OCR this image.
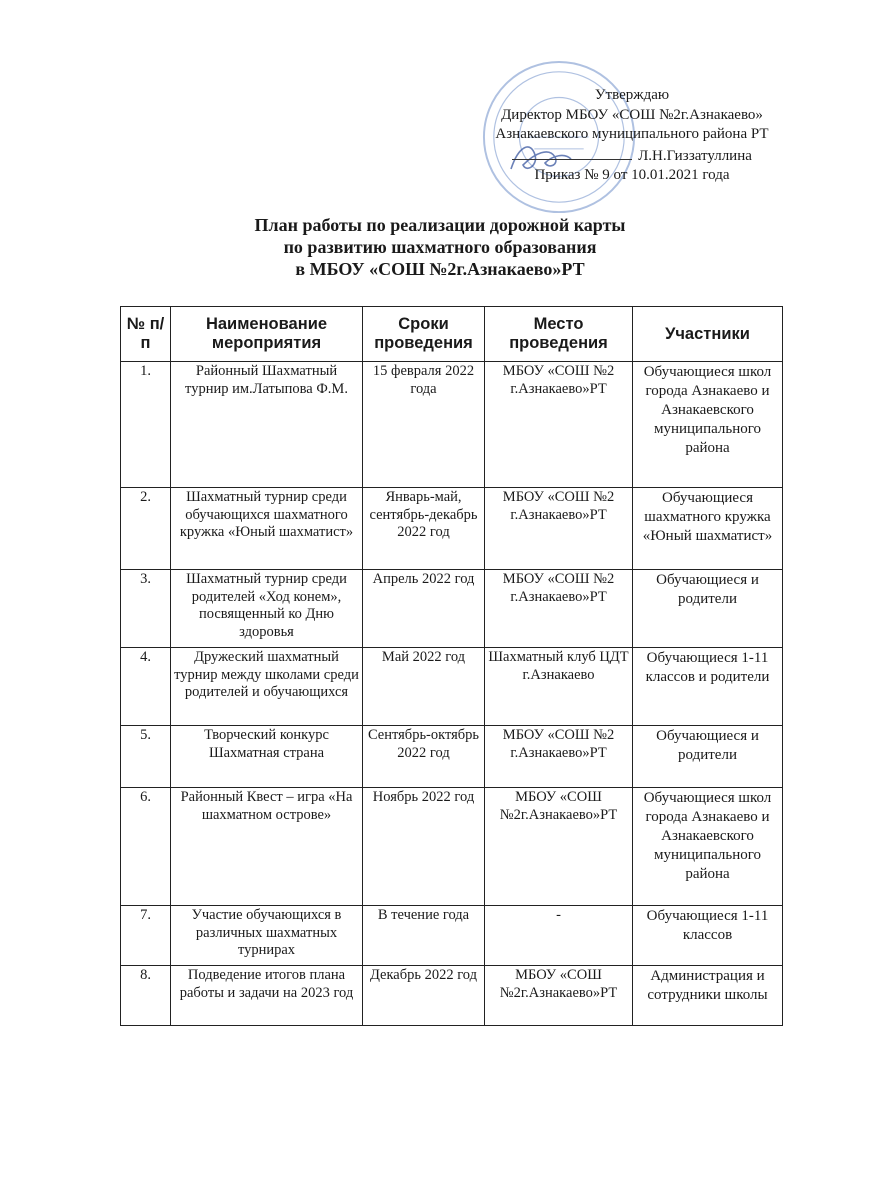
Утверждаю
Директор МБОУ «СОШ №2г.Азнакаево»
Азнакаевского муниципального района РТ
Л.Н.Гиззатуллина
Приказ № 9 от 10.01.2021 года
План работы по реализации дорожной карты
по развитию шахматного образования
в МБОУ «СОШ №2г.Азнакаево»РТ
№ п/п	Наименование мероприятия	Сроки проведения	Место проведения	Участники
1.	Районный Шахматный турнир им.Латыпова Ф.М.	15 февраля 2022 года	МБОУ «СОШ №2 г.Азнакаево»РТ	Обучающиеся школ города Азнакаево и Азнакаевского муниципального района
2.	Шахматный турнир среди обучающихся шахматного кружка «Юный шахматист»	Январь-май, сентябрь-декабрь 2022 год	МБОУ «СОШ №2 г.Азнакаево»РТ	Обучающиеся шахматного кружка «Юный шахматист»
3.	Шахматный турнир среди родителей «Ход конем», посвященный ко Дню здоровья	Апрель 2022 год	МБОУ «СОШ №2 г.Азнакаево»РТ	Обучающиеся и родители
4.	Дружеский шахматный турнир между школами среди родителей и обучающихся	Май 2022 год	Шахматный клуб ЦДТ г.Азнакаево	Обучающиеся 1-11 классов и родители
5.	Творческий конкурс Шахматная страна	Сентябрь-октябрь 2022 год	МБОУ «СОШ №2 г.Азнакаево»РТ	Обучающиеся и родители
6.	Районный Квест – игра «На шахматном острове»	Ноябрь 2022 год	МБОУ «СОШ №2г.Азнакаево»РТ	Обучающиеся школ города Азнакаево и Азнакаевского муниципального района
7.	Участие обучающихся в различных шахматных турнирах	В течение года	-	Обучающиеся 1-11 классов
8.	Подведение итогов плана работы и задачи на 2023 год	Декабрь 2022 год	МБОУ «СОШ №2г.Азнакаево»РТ	Администрация и сотрудники школы
